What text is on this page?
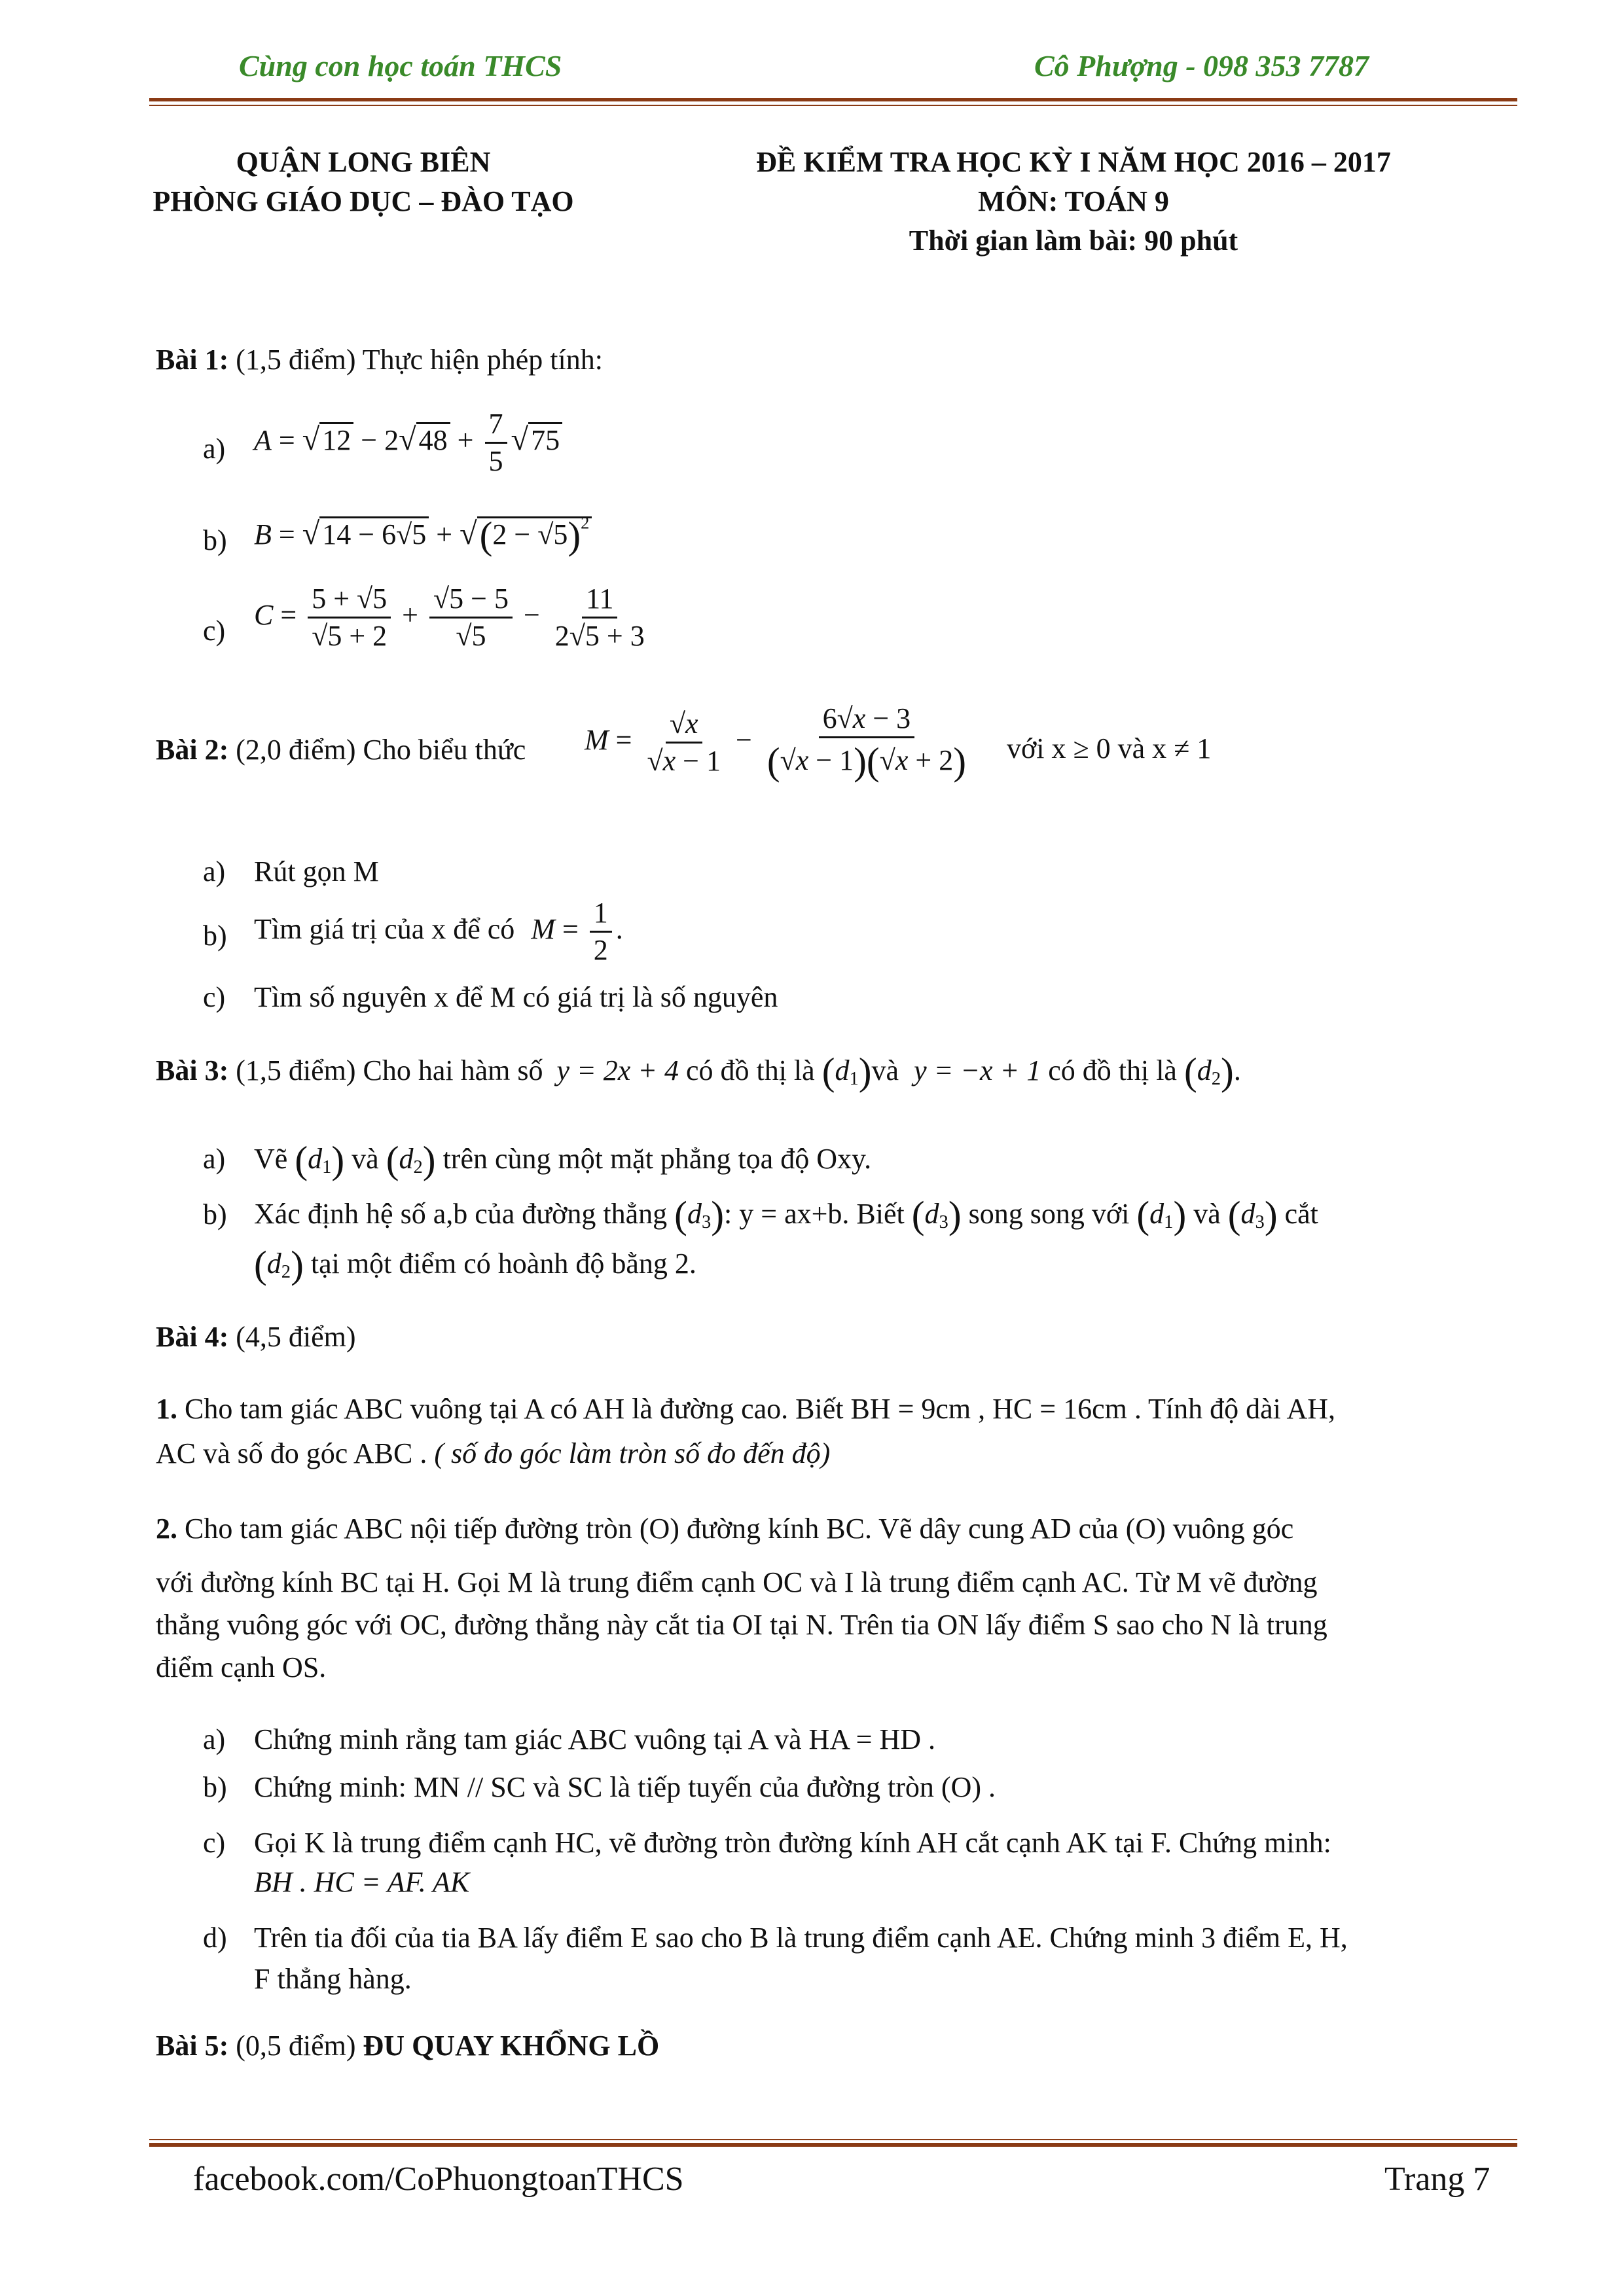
Cùng con học toán THCS	Cô Phượng - 098 353 7787
QUẬN LONG BIÊN
PHÒNG GIÁO DỤC – ĐÀO TẠO
ĐỀ KIỂM TRA HỌC KỲ I NĂM HỌC 2016 – 2017
MÔN: TOÁN 9
Thời gian làm bài: 90 phút
Bài 1: (1,5 điểm) Thực hiện phép tính:
a) $A = √12 - 2√48 + \frac{7}{5} √75$
b) $B = √14 - 6√5 + √(2 - √5)^2$
c) $C = \frac{5 + √5}{√5 + 2} + \frac{√5 - 5}{√5} - \frac{11}{2√5 + 3}$
Bài 2: (2,0 điểm) Cho biểu thức $M = \frac{√x}{√x - 1} - \frac{6√x - 3}{(√x - 1)(√x + 2)}$ với x ≥ 0 và x ≠ 1
a) Rút gọn M
b) Tìm giá trị của x để có $M = \frac{1}{2}$ .
c) Tìm số nguyên x để M có giá trị là số nguyên
Bài 3: (1,5 điểm) Cho hai hàm số y = 2x + 4 có đồ thị là $(d_1)và$ y = −x + 1 có đồ thị là $(d_2)$.
a) Vẽ $(d_1)$ và $(d_2)$ trên cùng một mặt phẳng tọa độ Oxy.
b) Xác định hệ số a,b của đường thẳng $(d_3)$: y = ax+b. Biết $(d_3)$ song song với $(d_1)$ và $(d_3)$ cắt
$(d_2)$ tại một điểm có hoành độ bằng 2.
Bài 4: (4,5 điểm)
1. Cho tam giác ABC vuông tại A có AH là đường cao. Biết BH = 9cm , HC = 16cm . Tính độ dài AH,
AC và số đo góc ABC . ( số đo góc làm tròn số đo đến độ)
2. Cho tam giác ABC nội tiếp đường tròn (O) đường kính BC. Vẽ dây cung AD của (O) vuông góc
với đường kính BC tại H. Gọi M là trung điểm cạnh OC và I là trung điểm cạnh AC. Từ M vẽ đường
thẳng vuông góc với OC, đường thẳng này cắt tia OI tại N. Trên tia ON lấy điểm S sao cho N là trung
điểm cạnh OS.
a) Chứng minh rằng tam giác ABC vuông tại A và HA = HD .
b) Chứng minh: MN // SC và SC là tiếp tuyến của đường tròn (O) .
c) Gọi K là trung điểm cạnh HC, vẽ đường tròn đường kính AH cắt cạnh AK tại F. Chứng minh:
BH . HC = AF. AK
d) Trên tia đối của tia BA lấy điểm E sao cho B là trung điểm cạnh AE. Chứng minh 3 điểm E, H,
F thẳng hàng.
Bài 5: (0,5 điểm) ĐU QUAY KHỔNG LỒ
facebook.com/CoPhuongtoanTHCS	Trang 7
